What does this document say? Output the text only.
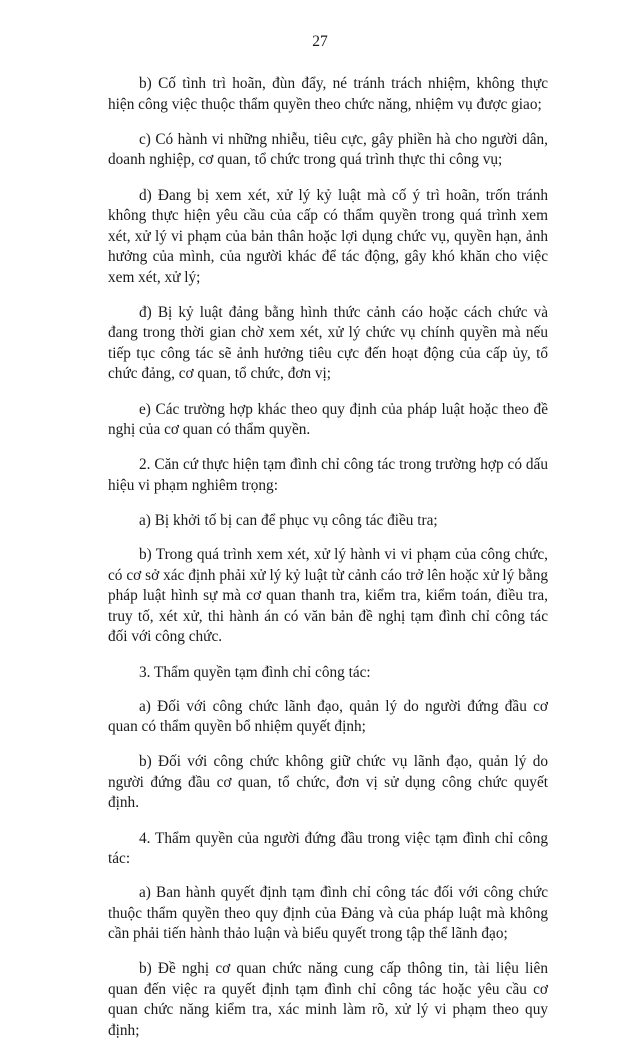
27

b) Cố tình trì hoãn, đùn đẩy, né tránh trách nhiệm, không thực hiện công việc thuộc thẩm quyền theo chức năng, nhiệm vụ được giao;

c) Có hành vi những nhiễu, tiêu cực, gây phiền hà cho người dân, doanh nghiệp, cơ quan, tổ chức trong quá trình thực thi công vụ;

d) Đang bị xem xét, xử lý kỷ luật mà cố ý trì hoãn, trốn tránh không thực hiện yêu cầu của cấp có thẩm quyền trong quá trình xem xét, xử lý vi phạm của bản thân hoặc lợi dụng chức vụ, quyền hạn, ảnh hưởng của mình, của người khác để tác động, gây khó khăn cho việc xem xét, xử lý;

đ) Bị kỷ luật đảng bằng hình thức cảnh cáo hoặc cách chức và đang trong thời gian chờ xem xét, xử lý chức vụ chính quyền mà nếu tiếp tục công tác sẽ ảnh hưởng tiêu cực đến hoạt động của cấp ủy, tổ chức đảng, cơ quan, tổ chức, đơn vị;

e) Các trường hợp khác theo quy định của pháp luật hoặc theo đề nghị của cơ quan có thẩm quyền.

2. Căn cứ thực hiện tạm đình chỉ công tác trong trường hợp có dấu hiệu vi phạm nghiêm trọng:

a) Bị khởi tố bị can để phục vụ công tác điều tra;

b) Trong quá trình xem xét, xử lý hành vi vi phạm của công chức, có cơ sở xác định phải xử lý kỷ luật từ cảnh cáo trở lên hoặc xử lý bằng pháp luật hình sự mà cơ quan thanh tra, kiểm tra, kiểm toán, điều tra, truy tố, xét xử, thi hành án có văn bản đề nghị tạm đình chỉ công tác đối với công chức.

3. Thẩm quyền tạm đình chỉ công tác:

a) Đối với công chức lãnh đạo, quản lý do người đứng đầu cơ quan có thẩm quyền bổ nhiệm quyết định;

b) Đối với công chức không giữ chức vụ lãnh đạo, quản lý do người đứng đầu cơ quan, tổ chức, đơn vị sử dụng công chức quyết định.

4. Thẩm quyền của người đứng đầu trong việc tạm đình chỉ công tác:

a) Ban hành quyết định tạm đình chỉ công tác đối với công chức thuộc thẩm quyền theo quy định của Đảng và của pháp luật mà không cần phải tiến hành thảo luận và biểu quyết trong tập thể lãnh đạo;

b) Đề nghị cơ quan chức năng cung cấp thông tin, tài liệu liên quan đến việc ra quyết định tạm đình chỉ công tác hoặc yêu cầu cơ quan chức năng kiểm tra, xác minh làm rõ, xử lý vi phạm theo quy định;
